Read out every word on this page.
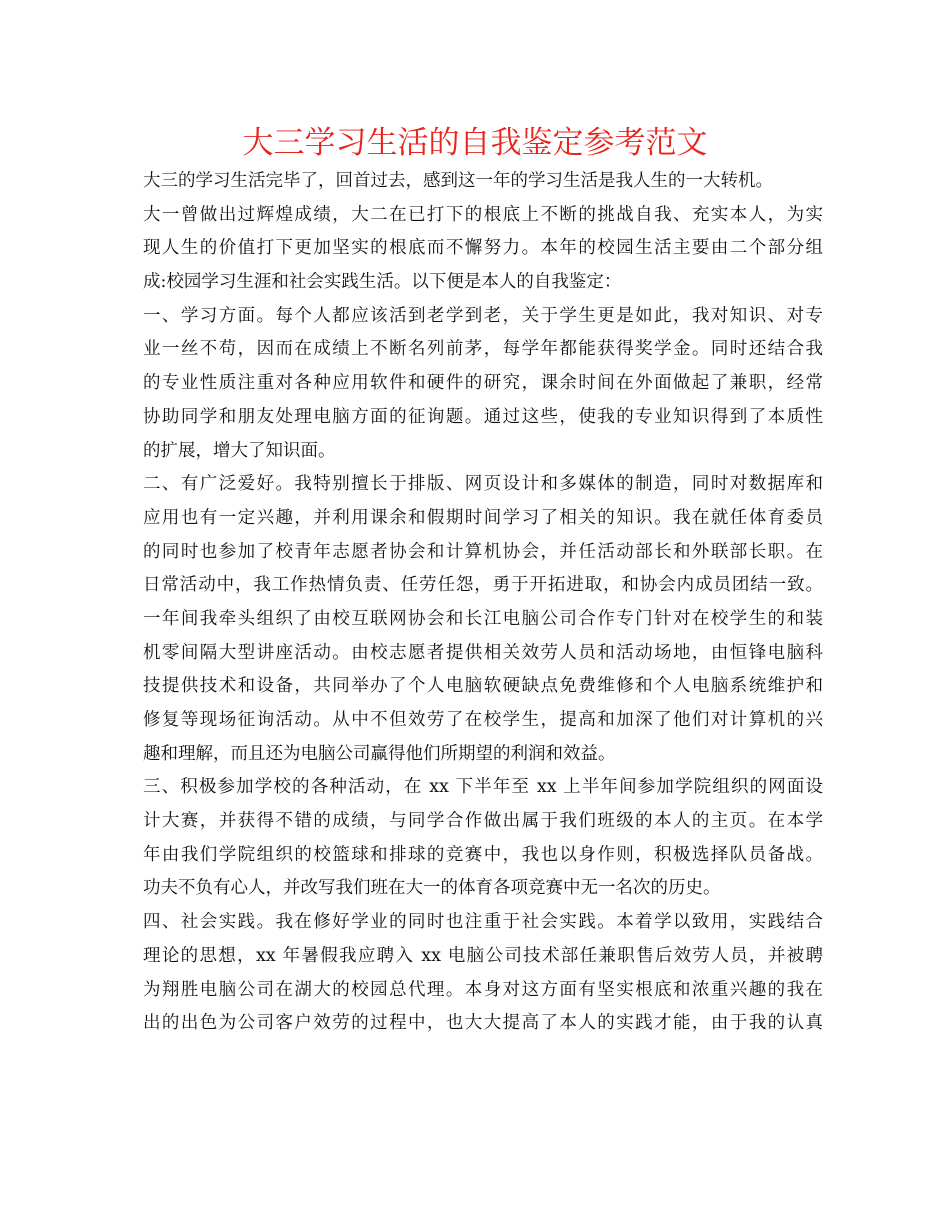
大三学习生活的自我鉴定参考范文
大三的学习生活完毕了，回首过去，感到这一年的学习生活是我人生的一大转机。
大一曾做出过辉煌成绩，大二在已打下的根底上不断的挑战自我、充实本人，为实
现人生的价值打下更加坚实的根底而不懈努力。本年的校园生活主要由二个部分组
成:校园学习生涯和社会实践生活。以下便是本人的自我鉴定：
一、学习方面。每个人都应该活到老学到老，关于学生更是如此，我对知识、对专
业一丝不苟，因而在成绩上不断名列前茅，每学年都能获得奖学金。同时还结合我
的专业性质注重对各种应用软件和硬件的研究，课余时间在外面做起了兼职，经常
协助同学和朋友处理电脑方面的征询题。通过这些，使我的专业知识得到了本质性
的扩展，增大了知识面。
二、有广泛爱好。我特别擅长于排版、网页设计和多媒体的制造，同时对数据库和
应用也有一定兴趣，并利用课余和假期时间学习了相关的知识。我在就任体育委员
的同时也参加了校青年志愿者协会和计算机协会，并任活动部长和外联部长职。在
日常活动中，我工作热情负责、任劳任怨，勇于开拓进取，和协会内成员团结一致。
一年间我牵头组织了由校互联网协会和长江电脑公司合作专门针对在校学生的和装
机零间隔大型讲座活动。由校志愿者提供相关效劳人员和活动场地，由恒锋电脑科
技提供技术和设备，共同举办了个人电脑软硬缺点免费维修和个人电脑系统维护和
修复等现场征询活动。从中不但效劳了在校学生，提高和加深了他们对计算机的兴
趣和理解，而且还为电脑公司赢得他们所期望的利润和效益。
三、积极参加学校的各种活动，在 xx 下半年至 xx 上半年间参加学院组织的网面设
计大赛，并获得不错的成绩，与同学合作做出属于我们班级的本人的主页。在本学
年由我们学院组织的校篮球和排球的竞赛中，我也以身作则，积极选择队员备战。
功夫不负有心人，并改写我们班在大一的体育各项竞赛中无一名次的历史。
四、社会实践。我在修好学业的同时也注重于社会实践。本着学以致用，实践结合
理论的思想，xx 年暑假我应聘入 xx 电脑公司技术部任兼职售后效劳人员，并被聘
为翔胜电脑公司在湖大的校园总代理。本身对这方面有坚实根底和浓重兴趣的我在
出的出色为公司客户效劳的过程中，也大大提高了本人的实践才能，由于我的认真
